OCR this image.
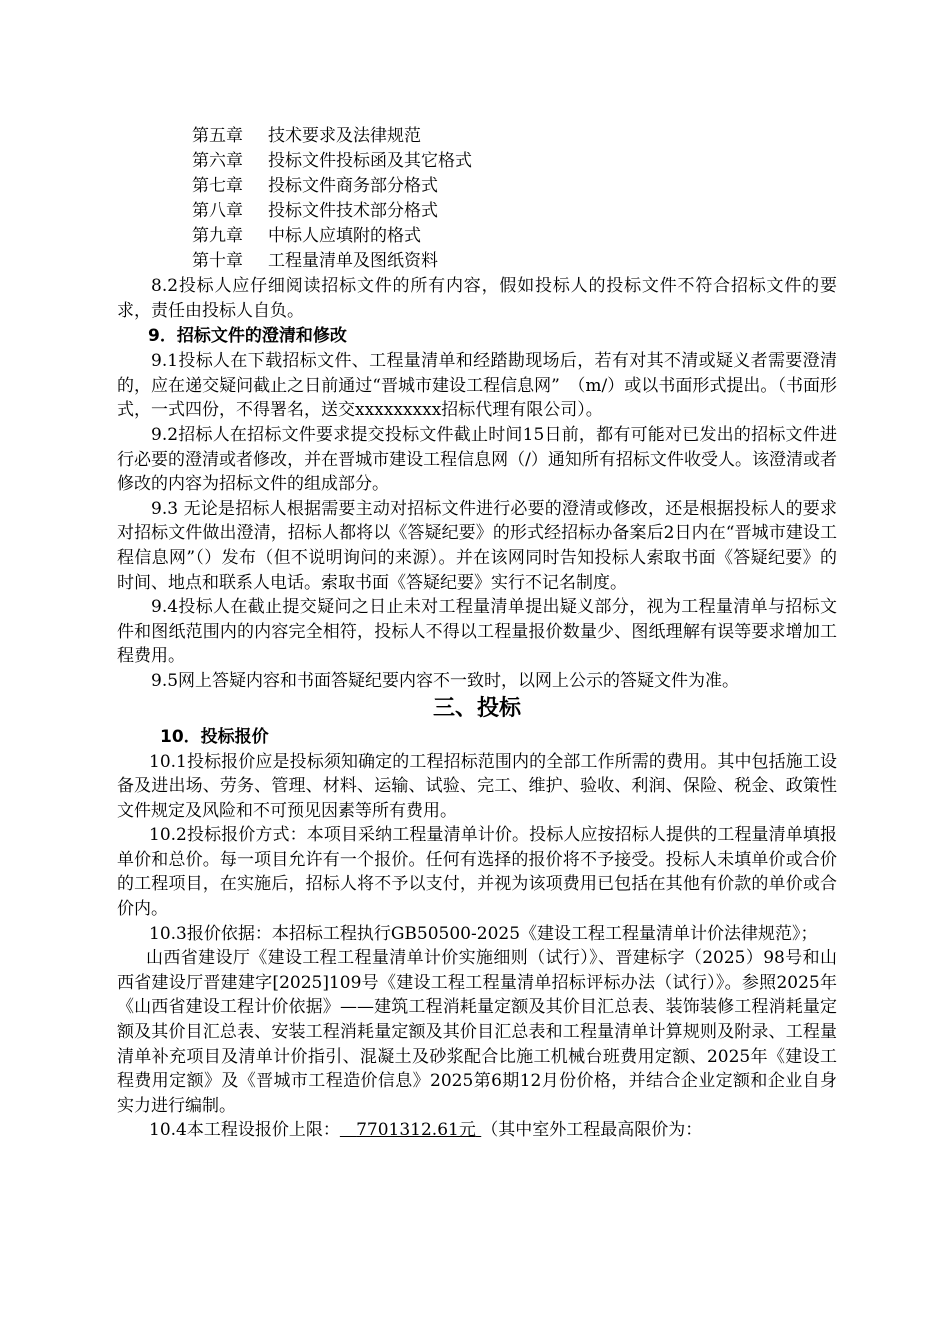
第五章 技术要求及法律规范
第六章 投标文件投标函及其它格式
第七章 投标文件商务部分格式
第八章 投标文件技术部分格式
第九章 中标人应填附的格式
第十章 工程量清单及图纸资料

8.2投标人应仔细阅读招标文件的所有内容，假如投标人的投标文件不符合招标文件的要求，责任由投标人自负。

9．招标文件的澄清和修改

9.1投标人在下载招标文件、工程量清单和经踏勘现场后，若有对其不清或疑义者需要澄清的，应在递交疑问截止之日前通过“晋城市建设工程信息网”　（m/）或以书面形式提出。（书面形式，一式四份，不得署名，送交xxxxxxxxx招标代理有限公司）。

9.2招标人在招标文件要求提交投标文件截止时间15日前，都有可能对已发出的招标文件进行必要的澄清或者修改，并在晋城市建设工程信息网（/）通知所有招标文件收受人。该澄清或者修改的内容为招标文件的组成部分。

9.3 无论是招标人根据需要主动对招标文件进行必要的澄清或修改，还是根据投标人的要求对招标文件做出澄清，招标人都将以《答疑纪要》的形式经招标办备案后2日内在“晋城市建设工程信息网”（）发布（但不说明询问的来源）。并在该网同时告知投标人索取书面《答疑纪要》的时间、地点和联系人电话。索取书面《答疑纪要》实行不记名制度。

9.4投标人在截止提交疑问之日止未对工程量清单提出疑义部分，视为工程量清单与招标文件和图纸范围内的内容完全相符，投标人不得以工程量报价数量少、图纸理解有误等要求增加工程费用。

9.5网上答疑内容和书面答疑纪要内容不一致时，以网上公示的答疑文件为准。

三、投标

10．投标报价

10.1投标报价应是投标须知确定的工程招标范围内的全部工作所需的费用。其中包括施工设备及进出场、劳务、管理、材料、运输、试验、完工、维护、验收、利润、保险、税金、政策性文件规定及风险和不可预见因素等所有费用。

10.2投标报价方式：本项目采纳工程量清单计价。投标人应按招标人提供的工程量清单填报单价和总价。每一项目允许有一个报价。任何有选择的报价将不予接受。投标人未填单价或合价的工程项目，在实施后，招标人将不予以支付，并视为该项费用已包括在其他有价款的单价或合价内。

10.3报价依据：本招标工程执行GB50500-2025《建设工程工程量清单计价法律规范》；

山西省建设厅《建设工程工程量清单计价实施细则（试行）》、晋建标字（2025）98号和山西省建设厅晋建建字[2025]109号《建设工程工程量清单招标评标办法（试行）》。参照2025年《山西省建设工程计价依据》——建筑工程消耗量定额及其价目汇总表、装饰装修工程消耗量定额及其价目汇总表、安装工程消耗量定额及其价目汇总表和工程量清单计算规则及附录、工程量清单补充项目及清单计价指引、混凝土及砂浆配合比施工机械台班费用定额、2025年《建设工程费用定额》及《晋城市工程造价信息》2025第6期12月份价格，并结合企业定额和企业自身实力进行编制。

10.4本工程设报价上限： 7701312.61元 （其中室外工程最高限价为：
